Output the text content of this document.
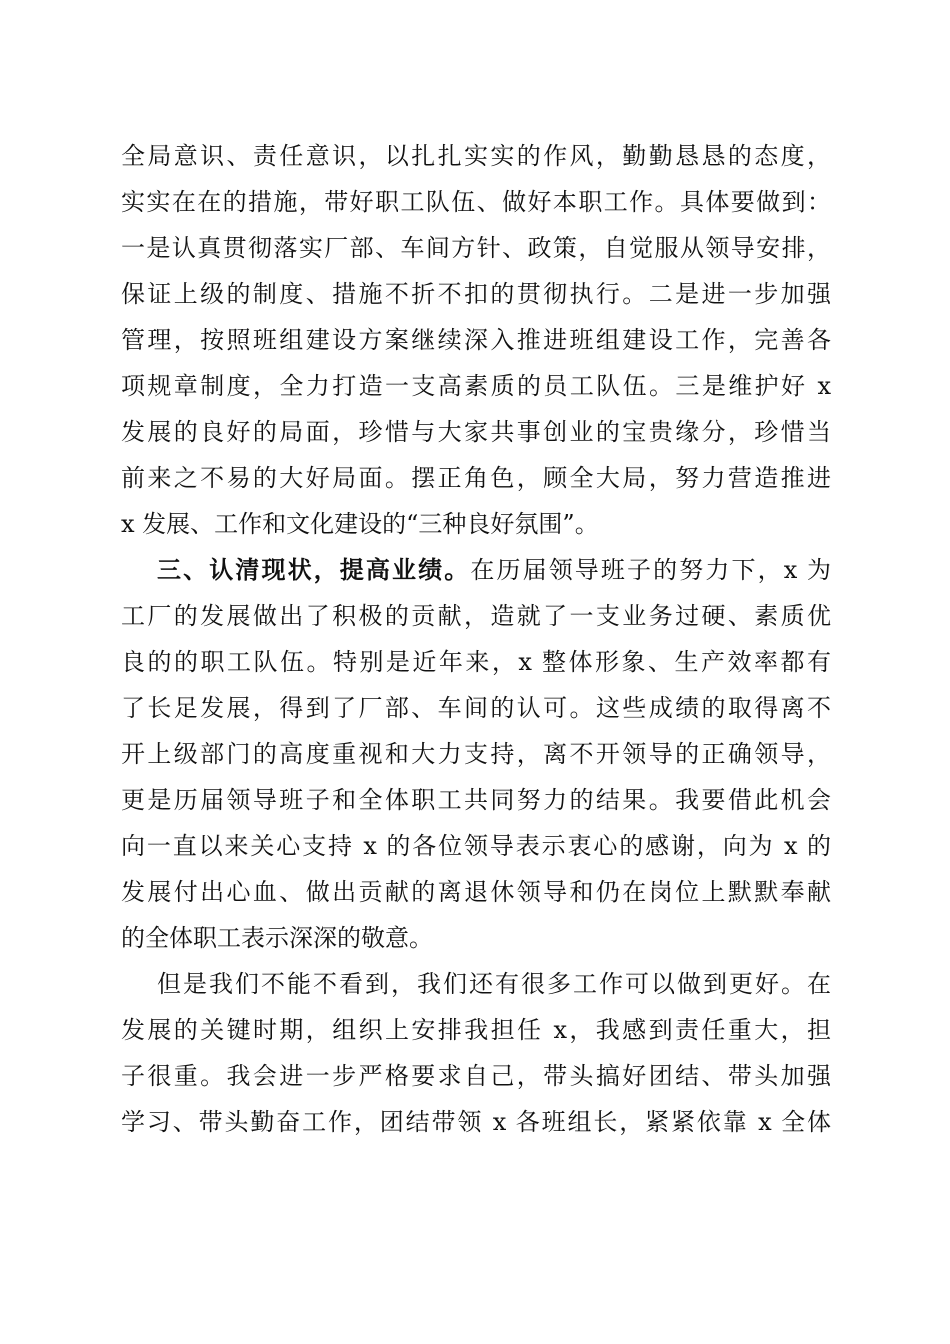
全局意识、责任意识，以扎扎实实的作风，勤勤恳恳的态度，
实实在在的措施，带好职工队伍、做好本职工作。具体要做到：
一是认真贯彻落实厂部、车间方针、政策，自觉服从领导安排，
保证上级的制度、措施不折不扣的贯彻执行。二是进一步加强
管理，按照班组建设方案继续深入推进班组建设工作，完善各
项规章制度，全力打造一支高素质的员工队伍。三是维护好 x
发展的良好的局面，珍惜与大家共事创业的宝贵缘分，珍惜当
前来之不易的大好局面。摆正角色，顾全大局，努力营造推进
x 发展、工作和文化建设的“三种良好氛围”。
三、认清现状，提高业绩。在历届领导班子的努力下，x 为
工厂的发展做出了积极的贡献，造就了一支业务过硬、素质优
良的的职工队伍。特别是近年来，x 整体形象、生产效率都有
了长足发展，得到了厂部、车间的认可。这些成绩的取得离不
开上级部门的高度重视和大力支持，离不开领导的正确领导，
更是历届领导班子和全体职工共同努力的结果。我要借此机会
向一直以来关心支持 x 的各位领导表示衷心的感谢，向为 x 的
发展付出心血、做出贡献的离退休领导和仍在岗位上默默奉献
的全体职工表示深深的敬意。
但是我们不能不看到，我们还有很多工作可以做到更好。在
发展的关键时期，组织上安排我担任 x，我感到责任重大，担
子很重。我会进一步严格要求自己，带头搞好团结、带头加强
学习、带头勤奋工作，团结带领 x 各班组长，紧紧依靠 x 全体
